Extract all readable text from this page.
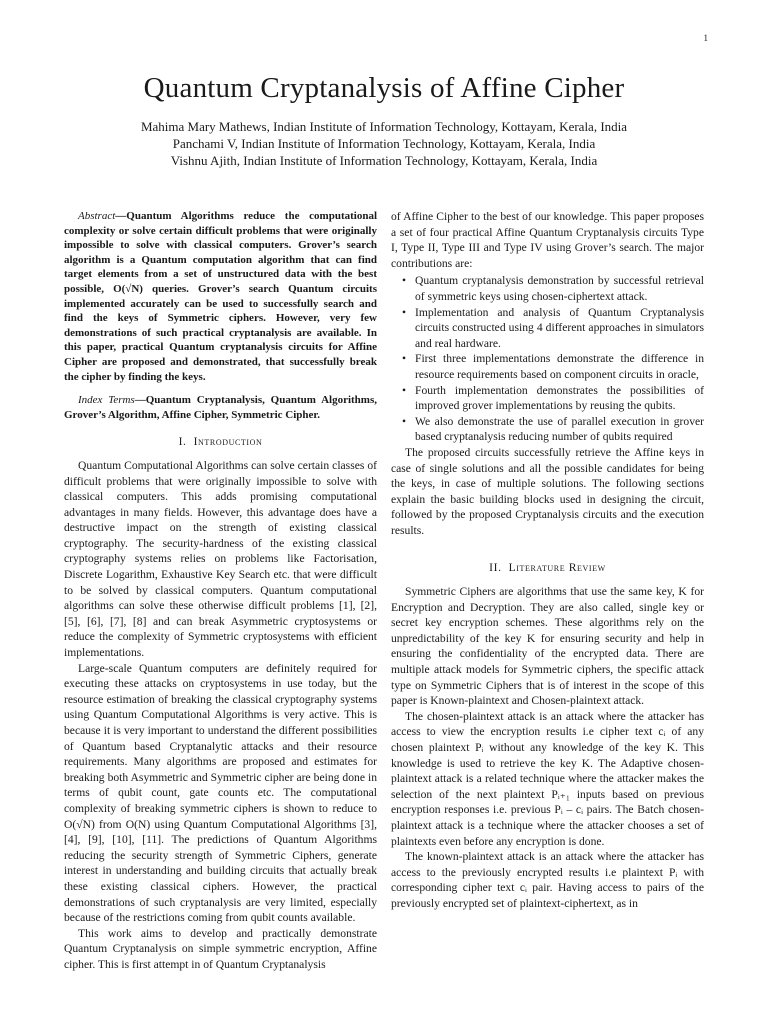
1
Quantum Cryptanalysis of Affine Cipher
Mahima Mary Mathews, Indian Institute of Information Technology, Kottayam, Kerala, India
Panchami V, Indian Institute of Information Technology, Kottayam, Kerala, India
Vishnu Ajith, Indian Institute of Information Technology, Kottayam, Kerala, India

Abstract—Quantum Algorithms reduce the computational complexity or solve certain difficult problems that were originally impossible to solve with classical computers. Grover’s search algorithm is a Quantum computation algorithm that can find target elements from a set of unstructured data with the best possible, O(√N) queries. Grover’s search Quantum circuits implemented accurately can be used to successfully search and find the keys of Symmetric ciphers. However, very few demonstrations of such practical cryptanalysis are available. In this paper, practical Quantum cryptanalysis circuits for Affine Cipher are proposed and demonstrated, that successfully break the cipher by finding the keys.

Index Terms—Quantum Cryptanalysis, Quantum Algorithms, Grover’s Algorithm, Affine Cipher, Symmetric Cipher.

I. Introduction

Quantum Computational Algorithms can solve certain classes of difficult problems that were originally impossible to solve with classical computers. This adds promising computational advantages in many fields. However, this advantage does have a destructive impact on the strength of existing classical cryptography. The security-hardness of the existing classical cryptography systems relies on problems like Factorisation, Discrete Logarithm, Exhaustive Key Search etc. that were difficult to be solved by classical computers. Quantum computational algorithms can solve these otherwise difficult problems [1], [2], [5], [6], [7], [8] and can break Asymmetric cryptosystems or reduce the complexity of Symmetric cryptosystems with efficient implementations.

Large-scale Quantum computers are definitely required for executing these attacks on cryptosystems in use today, but the resource estimation of breaking the classical cryptography systems using Quantum Computational Algorithms is very active. This is because it is very important to understand the different possibilities of Quantum based Cryptanalytic attacks and their resource requirements. Many algorithms are proposed and estimates for breaking both Asymmetric and Symmetric cipher are being done in terms of qubit count, gate counts etc. The computational complexity of breaking symmetric ciphers is shown to reduce to O(√N) from O(N) using Quantum Computational Algorithms [3], [4], [9], [10], [11]. The predictions of Quantum Algorithms reducing the security strength of Symmetric Ciphers, generate interest in understanding and building circuits that actually break these existing classical ciphers. However, the practical demonstrations of such cryptanalysis are very limited, especially because of the restrictions coming from qubit counts available.

This work aims to develop and practically demonstrate Quantum Cryptanalysis on simple symmetric encryption, Affine cipher. This is first attempt in of Quantum Cryptanalysis

of Affine Cipher to the best of our knowledge. This paper proposes a set of four practical Affine Quantum Cryptanalysis circuits Type I, Type II, Type III and Type IV using Grover’s search. The major contributions are:

• Quantum cryptanalysis demonstration by successful retrieval of symmetric keys using chosen-ciphertext attack.
• Implementation and analysis of Quantum Cryptanalysis circuits constructed using 4 different approaches in simulators and real hardware.
• First three implementations demonstrate the difference in resource requirements based on component circuits in oracle,
• Fourth implementation demonstrates the possibilities of improved grover implementations by reusing the qubits.
• We also demonstrate the use of parallel execution in grover based cryptanalysis reducing number of qubits required

The proposed circuits successfully retrieve the Affine keys in case of single solutions and all the possible candidates for being the keys, in case of multiple solutions. The following sections explain the basic building blocks used in designing the circuit, followed by the proposed Cryptanalysis circuits and the execution results.

II. Literature Review

Symmetric Ciphers are algorithms that use the same key, K for Encryption and Decryption. They are also called, single key or secret key encryption schemes. These algorithms rely on the unpredictability of the key K for ensuring security and help in ensuring the confidentiality of the encrypted data. There are multiple attack models for Symmetric ciphers, the specific attack type on Symmetric Ciphers that is of interest in the scope of this paper is Known-plaintext and Chosen-plaintext attack.

The chosen-plaintext attack is an attack where the attacker has access to view the encryption results i.e cipher text cᵢ of any chosen plaintext Pᵢ without any knowledge of the key K. This knowledge is used to retrieve the key K. The Adaptive chosen-plaintext attack is a related technique where the attacker makes the selection of the next plaintext Pᵢ₊₁ inputs based on previous encryption responses i.e. previous Pᵢ – cᵢ pairs. The Batch chosen-plaintext attack is a technique where the attacker chooses a set of plaintexts even before any encryption is done.

The known-plaintext attack is an attack where the attacker has access to the previously encrypted results i.e plaintext Pᵢ with corresponding cipher text cᵢ pair. Having access to pairs of the previously encrypted set of plaintext-ciphertext, as in
